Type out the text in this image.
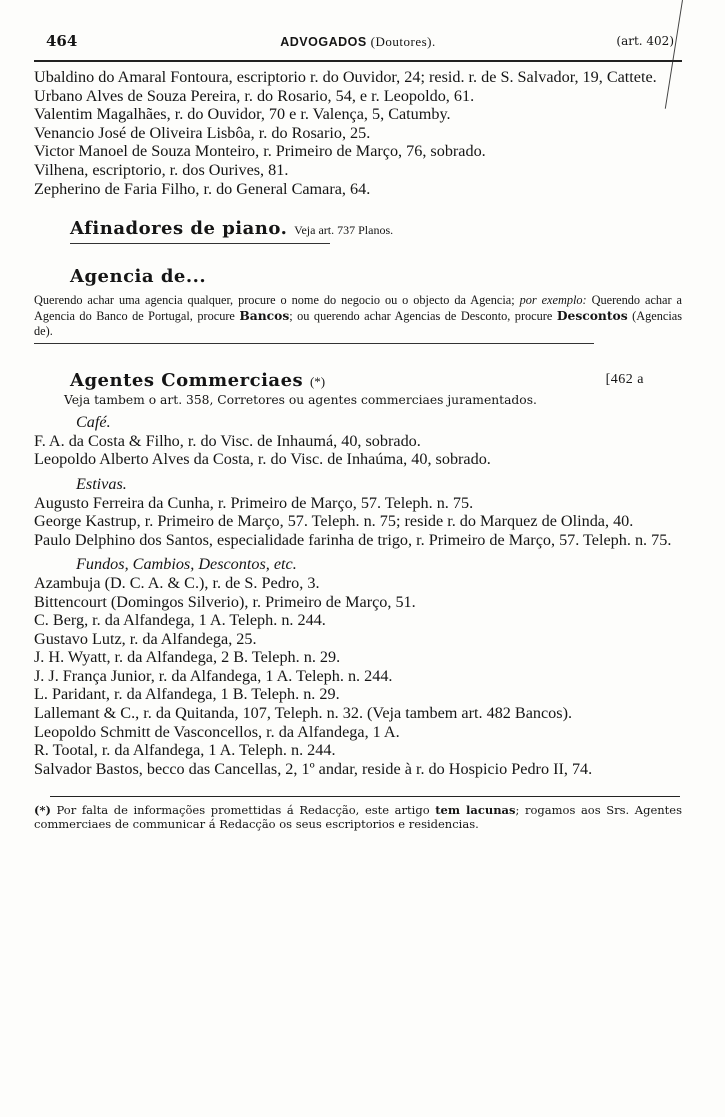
464	ADVOGADOS (Doutores).	(art. 402)
Ubaldino do Amaral Fontoura, escriptorio r. do Ouvidor, 24; resid. r. de S. Salvador, 19, Cattete.
Urbano Alves de Souza Pereira, r. do Rosario, 54, e r. Leopoldo, 61.
Valentim Magalhães, r. do Ouvidor, 70 e r. Valença, 5, Catumby.
Venancio José de Oliveira Lisbôa, r. do Rosario, 25.
Victor Manoel de Souza Monteiro, r. Primeiro de Março, 76, sobrado.
Vilhena, escriptorio, r. dos Ourives, 81.
Zepherino de Faria Filho, r. do General Camara, 64.
Afinadores de piano. Veja art. 737 Planos.
Agencia de...
Querendo achar uma agencia qualquer, procure o nome do negocio ou o objecto da Agencia; por exemplo: Querendo achar a Agencia do Banco de Portugal, procure Bancos; ou querendo achar Agencias de Desconto, procure Descontos (Agencias de).
Agentes Commerciaes (*)	[462 a
Veja tambem o art. 358, Corretores ou agentes commerciaes juramentados.
Café.
F. A. da Costa & Filho, r. do Visc. de Inhaumá, 40, sobrado.
Leopoldo Alberto Alves da Costa, r. do Visc. de Inhaúma, 40, sobrado.
Estivas.
Augusto Ferreira da Cunha, r. Primeiro de Março, 57. Teleph. n. 75.
George Kastrup, r. Primeiro de Março, 57. Teleph. n. 75; reside r. do Marquez de Olinda, 40.
Paulo Delphino dos Santos, especialidade farinha de trigo, r. Primeiro de Março, 57. Teleph. n. 75.
Fundos, Cambios, Descontos, etc.
Azambuja (D. C. A. & C.), r. de S. Pedro, 3.
Bittencourt (Domingos Silverio), r. Primeiro de Março, 51.
C. Berg, r. da Alfandega, 1 A. Teleph. n. 244.
Gustavo Lutz, r. da Alfandega, 25.
J. H. Wyatt, r. da Alfandega, 2 B. Teleph. n. 29.
J. J. França Junior, r. da Alfandega, 1 A. Teleph. n. 244.
L. Paridant, r. da Alfandega, 1 B. Teleph. n. 29.
Lallemant & C., r. da Quitanda, 107, Teleph. n. 32. (Veja tambem art. 482 Bancos).
Leopoldo Schmitt de Vasconcellos, r. da Alfandega, 1 A.
R. Tootal, r. da Alfandega, 1 A. Teleph. n. 244.
Salvador Bastos, becco das Cancellas, 2, 1º andar, reside à r. do Hospicio Pedro II, 74.
(*) Por falta de informações promettidas á Redacção, este artigo tem lacunas; rogamos aos Srs. Agentes commerciaes de communicar á Redacção os seus escriptorios e residencias.
